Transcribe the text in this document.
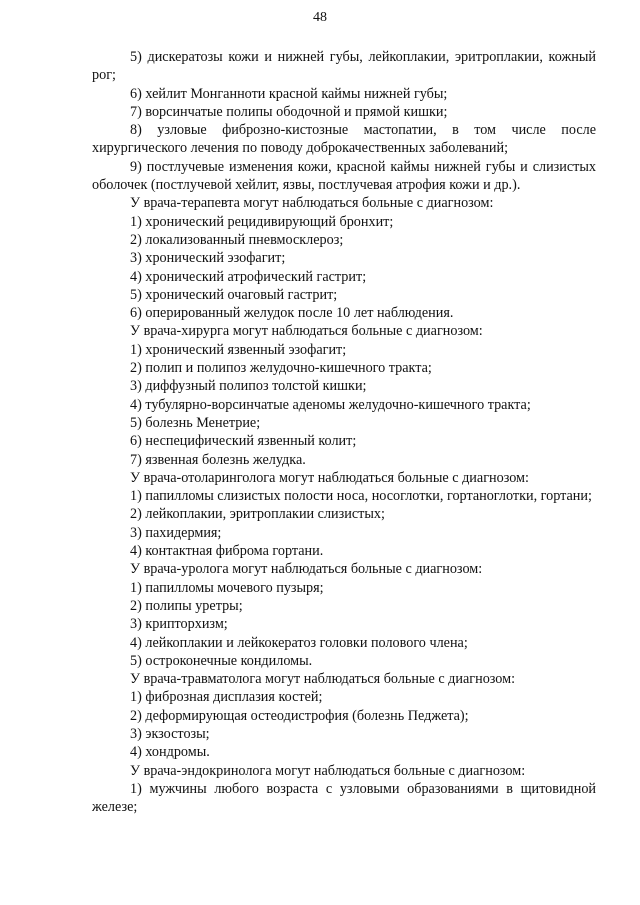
48

5) дискератозы кожи и нижней губы, лейкоплакии, эритроплакии, кожный рог;

6) хейлит Монганноти красной каймы нижней губы;

7) ворсинчатые полипы ободочной и прямой кишки;

8) узловые фиброзно-кистозные мастопатии, в том числе после хирургического лечения по поводу доброкачественных заболеваний;

9) постлучевые изменения кожи, красной каймы нижней губы и слизистых оболочек (постлучевой хейлит, язвы, постлучевая атрофия кожи и др.).

У врача-терапевта могут наблюдаться больные с диагнозом:

1) хронический рецидивирующий бронхит;

2) локализованный пневмосклероз;

3) хронический эзофагит;

4) хронический атрофический гастрит;

5) хронический очаговый гастрит;

6) оперированный желудок после 10 лет наблюдения.

У врача-хирурга могут наблюдаться больные с диагнозом:

1) хронический язвенный эзофагит;

2) полип и полипоз желудочно-кишечного тракта;

3) диффузный полипоз толстой кишки;

4) тубулярно-ворсинчатые аденомы желудочно-кишечного тракта;

5) болезнь Менетрие;

6) неспецифический язвенный колит;

7) язвенная болезнь желудка.

У врача-отоларинголога могут наблюдаться больные с диагнозом:

1) папилломы слизистых полости носа, носоглотки, гортаноглотки, гортани;

2) лейкоплакии, эритроплакии слизистых;

3) пахидермия;

4) контактная фиброма гортани.

У врача-уролога могут наблюдаться больные с диагнозом:

1) папилломы мочевого пузыря;

2) полипы уретры;

3) крипторхизм;

4) лейкоплакии и лейкокератоз головки полового члена;

5) остроконечные кондиломы.

У врача-травматолога могут наблюдаться больные с диагнозом:

1) фиброзная дисплазия костей;

2) деформирующая остеодистрофия (болезнь Педжета);

3) экзостозы;

4) хондромы.

У врача-эндокринолога могут наблюдаться больные с диагнозом:

1) мужчины любого возраста с узловыми образованиями в щитовидной железе;
